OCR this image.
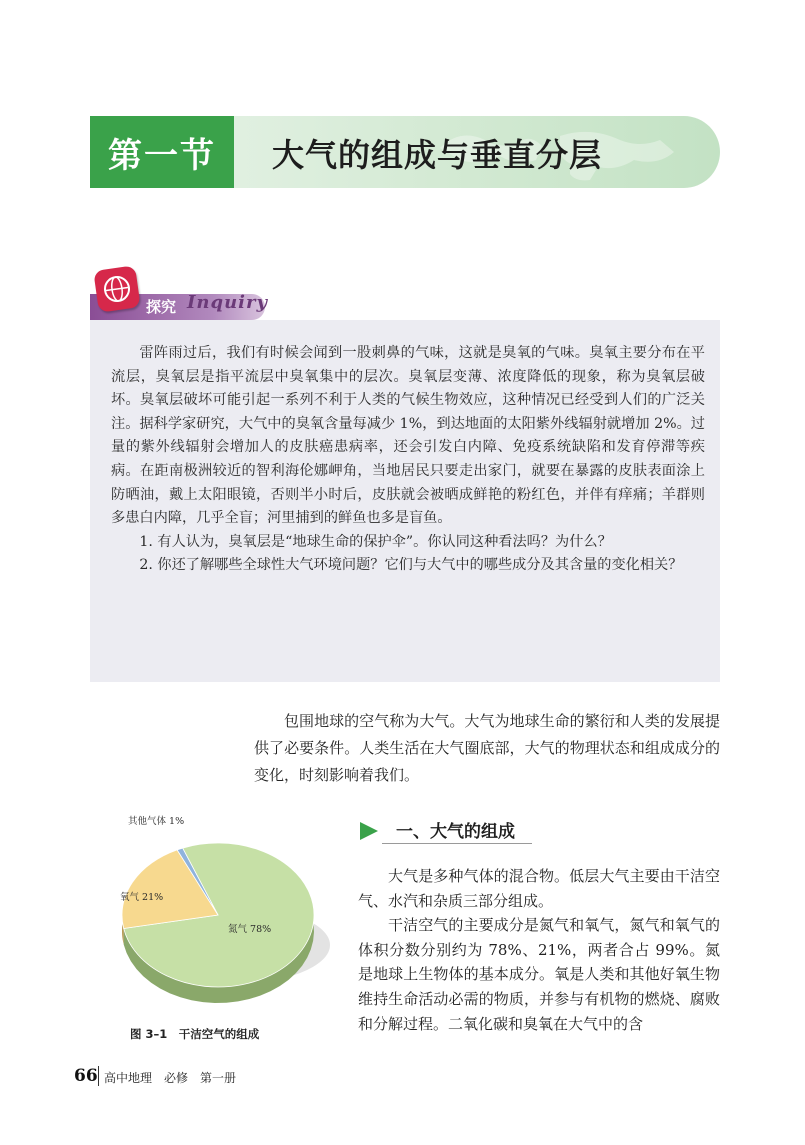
第一节	大气的组成与垂直分层
探究 Inquiry

雷阵雨过后，我们有时候会闻到一股刺鼻的气味，这就是臭氧的气味。臭氧主要分布在平流层，臭氧层是指平流层中臭氧集中的层次。臭氧层变薄、浓度降低的现象，称为臭氧层破坏。臭氧层破坏可能引起一系列不利于人类的气候生物效应，这种情况已经受到人们的广泛关注。据科学家研究，大气中的臭氧含量每减少 1%，到达地面的太阳紫外线辐射就增加 2%。过量的紫外线辐射会增加人的皮肤癌患病率，还会引发白内障、免疫系统缺陷和发育停滞等疾病。在距南极洲较近的智利海伦娜岬角，当地居民只要走出家门，就要在暴露的皮肤表面涂上防晒油，戴上太阳眼镜，否则半小时后，皮肤就会被晒成鲜艳的粉红色，并伴有痒痛；羊群则多患白内障，几乎全盲；河里捕到的鲜鱼也多是盲鱼。

1. 有人认为，臭氧层是“地球生命的保护伞”。你认同这种看法吗？为什么？

2. 你还了解哪些全球性大气环境问题？它们与大气中的哪些成分及其含量的变化相关？

包围地球的空气称为大气。大气为地球生命的繁衍和人类的发展提供了必要条件。人类生活在大气圈底部，大气的物理状态和组成成分的变化，时刻影响着我们。

一、大气的组成

大气是多种气体的混合物。低层大气主要由干洁空气、水汽和杂质三部分组成。

干洁空气的主要成分是氮气和氧气，氮气和氧气的体积分数分别约为 78%、21%，两者合占 99%。氮是地球上生物体的基本成分。氧是人类和其他好氧生物维持生命活动必需的物质，并参与有机物的燃烧、腐败和分解过程。二氧化碳和臭氧在大气中的含

氮气 78%
氧气 21%
其他气体 1%
图 3–1　干洁空气的组成
66 高中地理　必修　第一册
